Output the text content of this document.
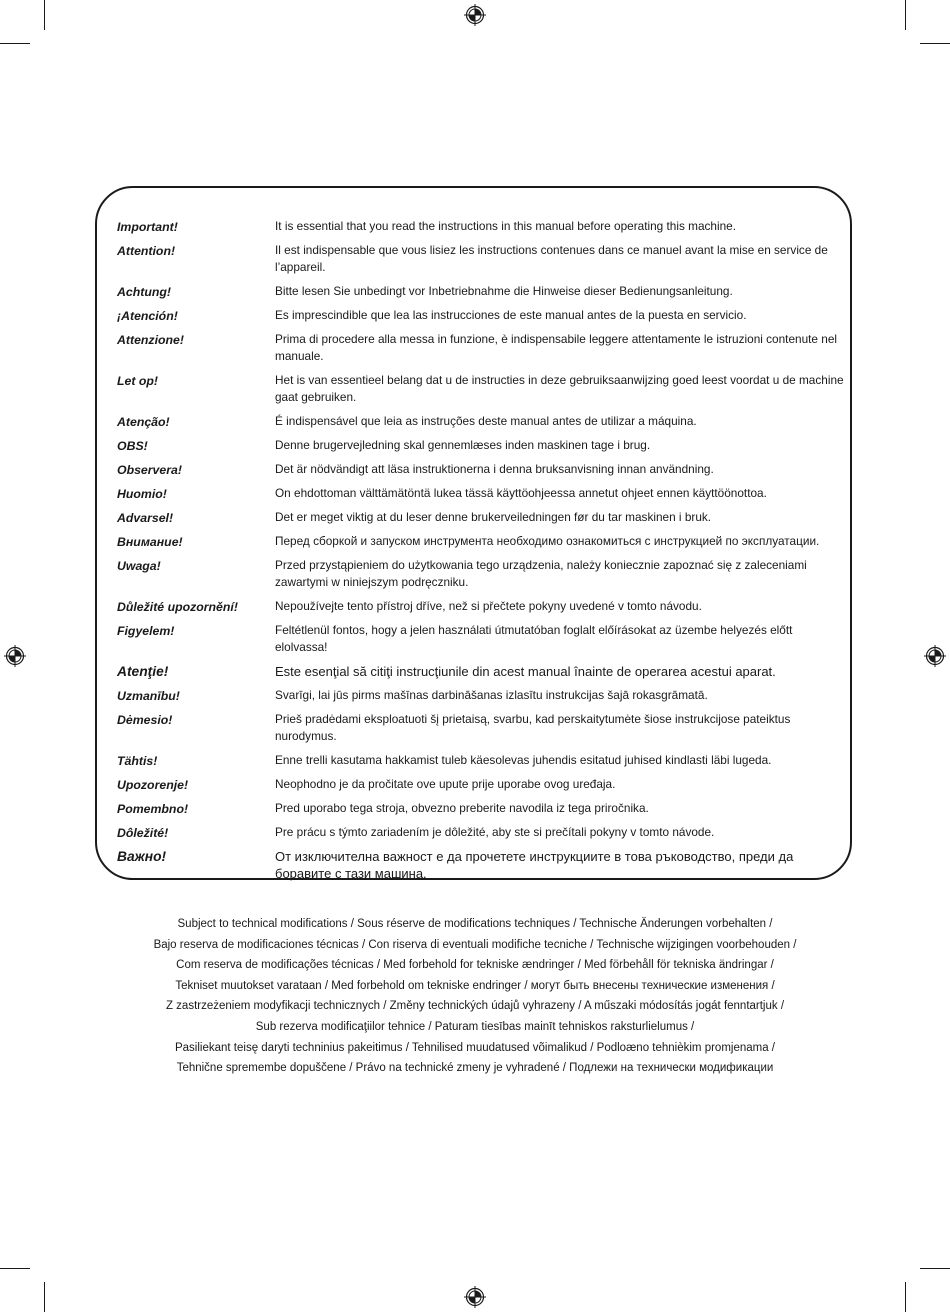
Important!	It is essential that you read the instructions in this manual before operating this machine.
Attention!	Il est indispensable que vous lisiez les instructions contenues dans ce manuel avant la mise en service de l’appareil.
Achtung!	Bitte lesen Sie unbedingt vor Inbetriebnahme die Hinweise dieser Bedienungsanleitung.
¡Atención!	Es imprescindible que lea las instrucciones de este manual antes de la puesta en servicio.
Attenzione!	Prima di procedere alla messa in funzione, è indispensabile leggere attentamente le istruzioni contenute nel manuale.
Let op!	Het is van essentieel belang dat u de instructies in deze gebruiksaanwijzing goed leest voordat u de machine gaat gebruiken.
Atenção!	É indispensável que leia as instruções deste manual antes de utilizar a máquina.
OBS!	Denne brugervejledning skal gennemlæses inden maskinen tage i brug.
Observera!	Det är nödvändigt att läsa instruktionerna i denna bruksanvisning innan användning.
Huomio!	On ehdottoman välttämätöntä lukea tässä käyttöohjeessa annetut ohjeet ennen käyttöönottoa.
Advarsel!	Det er meget viktig at du leser denne brukerveiledningen før du tar maskinen i bruk.
Внимание!	Перед сборкой и запуском инструмента необходимо ознакомиться с инструкцией по эксплуатации.
Uwaga!	Przed przystąpieniem do użytkowania tego urządzenia, należy koniecznie zapoznać się z zaleceniami zawartymi w niniejszym podręczniku.
Důležité upozornění!	Nepoužívejte tento přístroj dříve, než si přečtete pokyny uvedené v tomto návodu.
Figyelem!	Feltétlenül fontos, hogy a jelen használati útmutatóban foglalt előírásokat az üzembe helyezés előtt elolvassa!
Atenţie!	Este esenţial să citiţi instrucţiunile din acest manual înainte de operarea acestui aparat.
Uzmanību!	Svarīgi, lai jūs pirms mašīnas darbināšanas izlasītu instrukcijas šajā rokasgrāmatā.
Dėmesio!	Prieš pradėdami eksploatuoti šį prietaisą, svarbu, kad perskaitytumėte šiose instrukcijose pateiktus nurodymus.
Tähtis!	Enne trelli kasutama hakkamist tuleb käesolevas juhendis esitatud juhised kindlasti läbi lugeda.
Upozorenje!	Neophodno je da pročitate ove upute prije uporabe ovog uređaja.
Pomembno!	Pred uporabo tega stroja, obvezno preberite navodila iz tega priročnika.
Dôležité!	Pre prácu s týmto zariadením je dôležité, aby ste si prečítali pokyny v tomto návode.
Важно!	От изключителна важност е да прочетете инструкциите в това ръководство, преди да боравите с тази машина.
Subject to technical modifications / Sous réserve de modifications techniques / Technische Änderungen vorbehalten /
Bajo reserva de modificaciones técnicas / Con riserva di eventuali modifiche tecniche / Technische wijzigingen voorbehouden /
Com reserva de modificações técnicas / Med forbehold for tekniske ændringer / Med förbehåll för tekniska ändringar /
Tekniset muutokset varataan / Med forbehold om tekniske endringer / могут быть внесены технические изменения /
Z zastrzeżeniem modyfikacji technicznych / Změny technických údajů vyhrazeny / A műszaki módosítás jogát fenntartjuk /
Sub rezerva modificaţiilor tehnice / Paturam tiesības mainīt tehniskos raksturlielumus /
Pasiliekant teisę daryti techninius pakeitimus / Tehnilised muudatused võimalikud / Podloæno tehnièkim promjenama /
Tehnične spremembe dopuščene / Právo na technické zmeny je vyhradené / Подлежи на технически модификации
